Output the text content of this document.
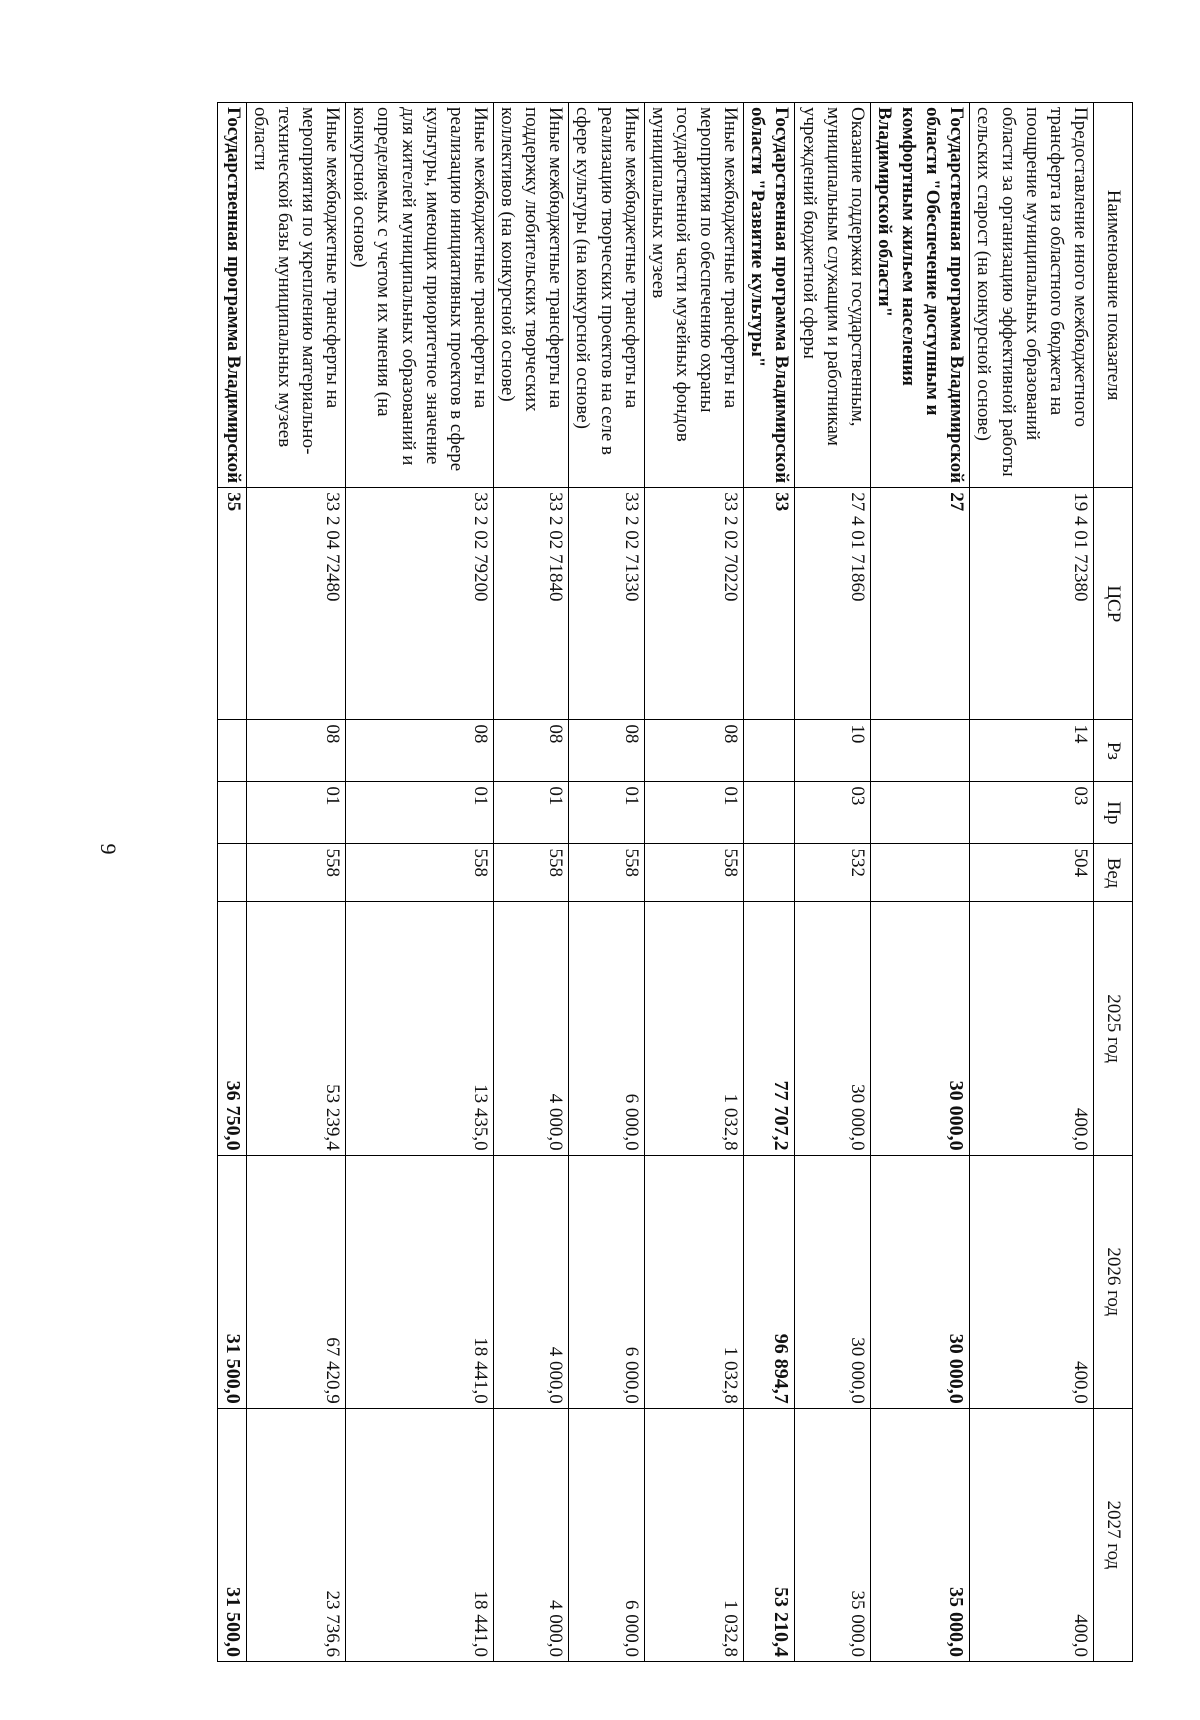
9
Наименование показателя	ЦСР	Рз	Пр	Вед	2025 год	2026 год	2027 год
Предоставление иного межбюджетного трансферта из областного бюджета на поощрение муниципальных образований области за организацию эффективной работы сельских старост (на конкурсной основе)	19 4 01 72380	14	03	504	400,0	400,0	400,0
Государственная программа Владимирской области "Обеспечение доступным и комфортным жильем населения Владимирской области"	27				30 000,0	30 000,0	35 000,0
Оказание поддержки государственным, муниципальным служащим и работникам учреждений бюджетной сферы	27 4 01 71860	10	03	532	30 000,0	30 000,0	35 000,0
Государственная программа Владимирской области "Развитие культуры"	33				77 707,2	96 894,7	53 210,4
Иные межбюджетные трансферты на мероприятия по обеспечению охраны государственной части музейных фондов муниципальных музеев	33 2 02 70220	08	01	558	1 032,8	1 032,8	1 032,8
Иные межбюджетные трансферты на реализацию творческих проектов на селе в сфере культуры (на конкурсной основе)	33 2 02 71330	08	01	558	6 000,0	6 000,0	6 000,0
Иные межбюджетные трансферты на поддержку любительских творческих коллективов (на конкурсной основе)	33 2 02 71840	08	01	558	4 000,0	4 000,0	4 000,0
Иные межбюджетные трансферты на реализацию инициативных проектов в сфере культуры, имеющих приоритетное значение для жителей муниципальных образований и определяемых с учетом их мнения (на конкурсной основе)	33 2 02 79200	08	01	558	13 435,0	18 441,0	18 441,0
Иные межбюджетные трансферты на мероприятия по укреплению материально-технической базы муниципальных музеев области	33 2 04 72480	08	01	558	53 239,4	67 420,9	23 736,6
Государственная программа Владимирской	35				36 750,0	31 500,0	31 500,0
